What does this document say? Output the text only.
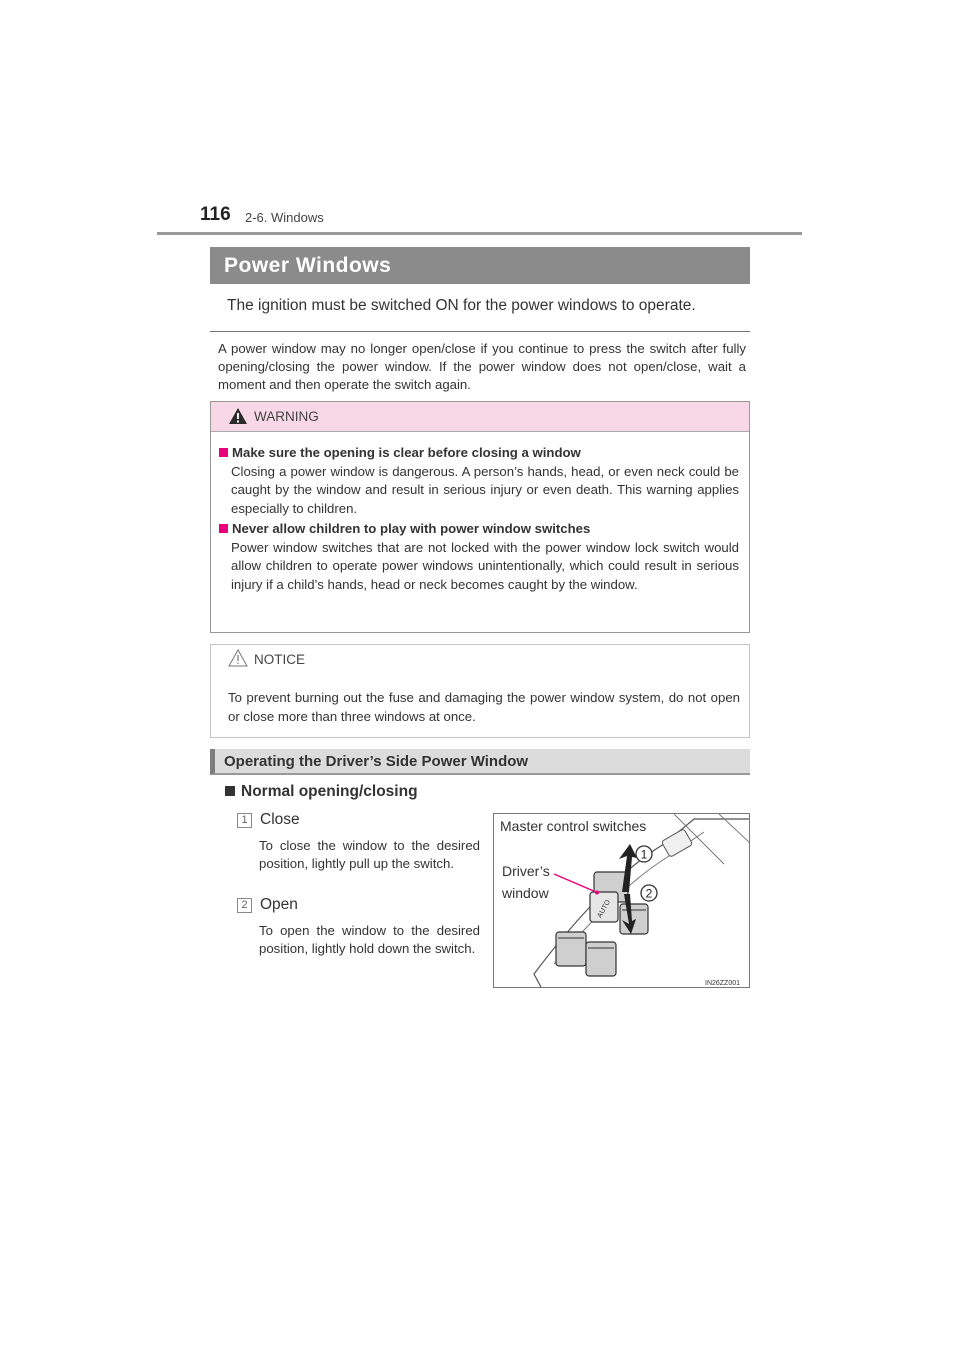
116 2-6. Windows
Power Windows
The ignition must be switched ON for the power windows to operate.
A power window may no longer open/close if you continue to press the switch after fully opening/closing the power window. If the power window does not open/close, wait a moment and then operate the switch again.
WARNING
Make sure the opening is clear before closing a window
Closing a power window is dangerous. A person’s hands, head, or even neck could be caught by the window and result in serious injury or even death. This warning applies especially to children.
Never allow children to play with power window switches
Power window switches that are not locked with the power window lock switch would allow children to operate power windows unintentionally, which could result in serious injury if a child’s hands, head or neck becomes caught by the window.
NOTICE
To prevent burning out the fuse and damaging the power window system, do not open or close more than three windows at once.
Operating the Driver’s Side Power Window
Normal opening/closing
1 Close
To close the window to the desired position, lightly pull up the switch.
2 Open
To open the window to the desired position, lightly hold down the switch.
AUTO
1
2
Master control switches
Driver’s
window
IN26ZZ001
